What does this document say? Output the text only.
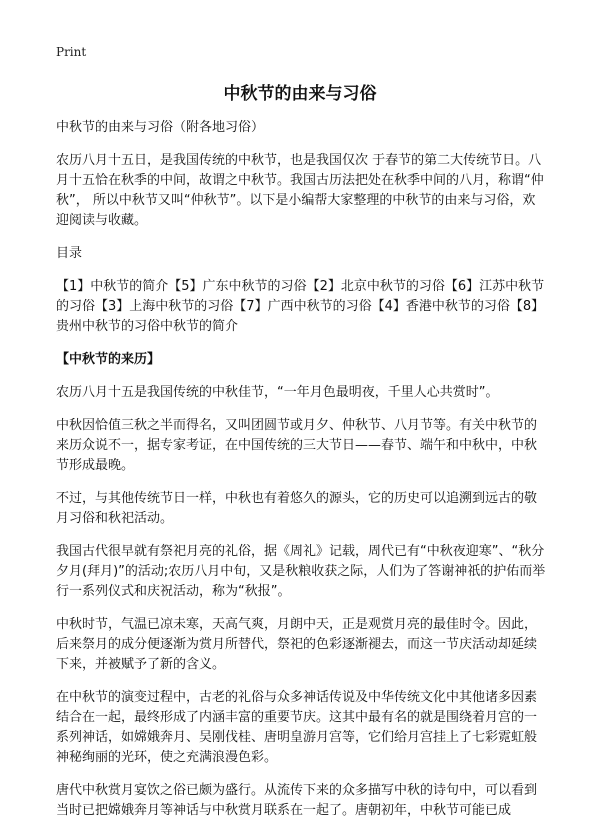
Print
中秋节的由来与习俗

中秋节的由来与习俗（附各地习俗）

农历八月十五日，是我国传统的中秋节，也是我国仅次 于春节的第二大传统节日。八月十五恰在秋季的中间，故谓之中秋节。我国古历法把处在秋季中间的八月，称谓“仲秋”， 所以中秋节又叫“仲秋节”。以下是小编帮大家整理的中秋节的由来与习俗，欢迎阅读与收藏。

目录

【1】中秋节的简介【5】广东中秋节的习俗【2】北京中秋节的习俗【6】江苏中秋节的习俗【3】上海中秋节的习俗【7】广西中秋节的习俗【4】香港中秋节的习俗【8】贵州中秋节的习俗中秋节的简介

【中秋节的来历】

农历八月十五是我国传统的中秋佳节，“一年月色最明夜，千里人心共赏时”。

中秋因恰值三秋之半而得名，又叫团圆节或月夕、仲秋节、八月节等。有关中秋节的来历众说不一，据专家考证，在中国传统的三大节日——春节、端午和中秋中，中秋节形成最晚。

不过，与其他传统节日一样，中秋也有着悠久的源头，它的历史可以追溯到远古的敬月习俗和秋祀活动。

我国古代很早就有祭祀月亮的礼俗，据《周礼》记载，周代已有“中秋夜迎寒”、“秋分夕月(拜月)”的活动;农历八月中旬，又是秋粮收获之际，人们为了答谢神祇的护佑而举行一系列仪式和庆祝活动，称为“秋报”。

中秋时节，气温已凉未寒，天高气爽，月朗中天，正是观赏月亮的最佳时令。因此，后来祭月的成分便逐渐为赏月所替代，祭祀的色彩逐渐褪去，而这一节庆活动却延续下来，并被赋予了新的含义。

在中秋节的演变过程中，古老的礼俗与众多神话传说及中华传统文化中其他诸多因素结合在一起，最终形成了内涵丰富的重要节庆。这其中最有名的就是围绕着月宫的一系列神话，如嫦娥奔月、吴刚伐桂、唐明皇游月宫等，它们给月宫挂上了七彩霓虹般神秘绚丽的光环，使之充满浪漫色彩。

唐代中秋赏月宴饮之俗已颇为盛行。从流传下来的众多描写中秋的诗句中，可以看到当时已把嫦娥奔月等神话与中秋赏月联系在一起了。唐朝初年，中秋节可能已成
